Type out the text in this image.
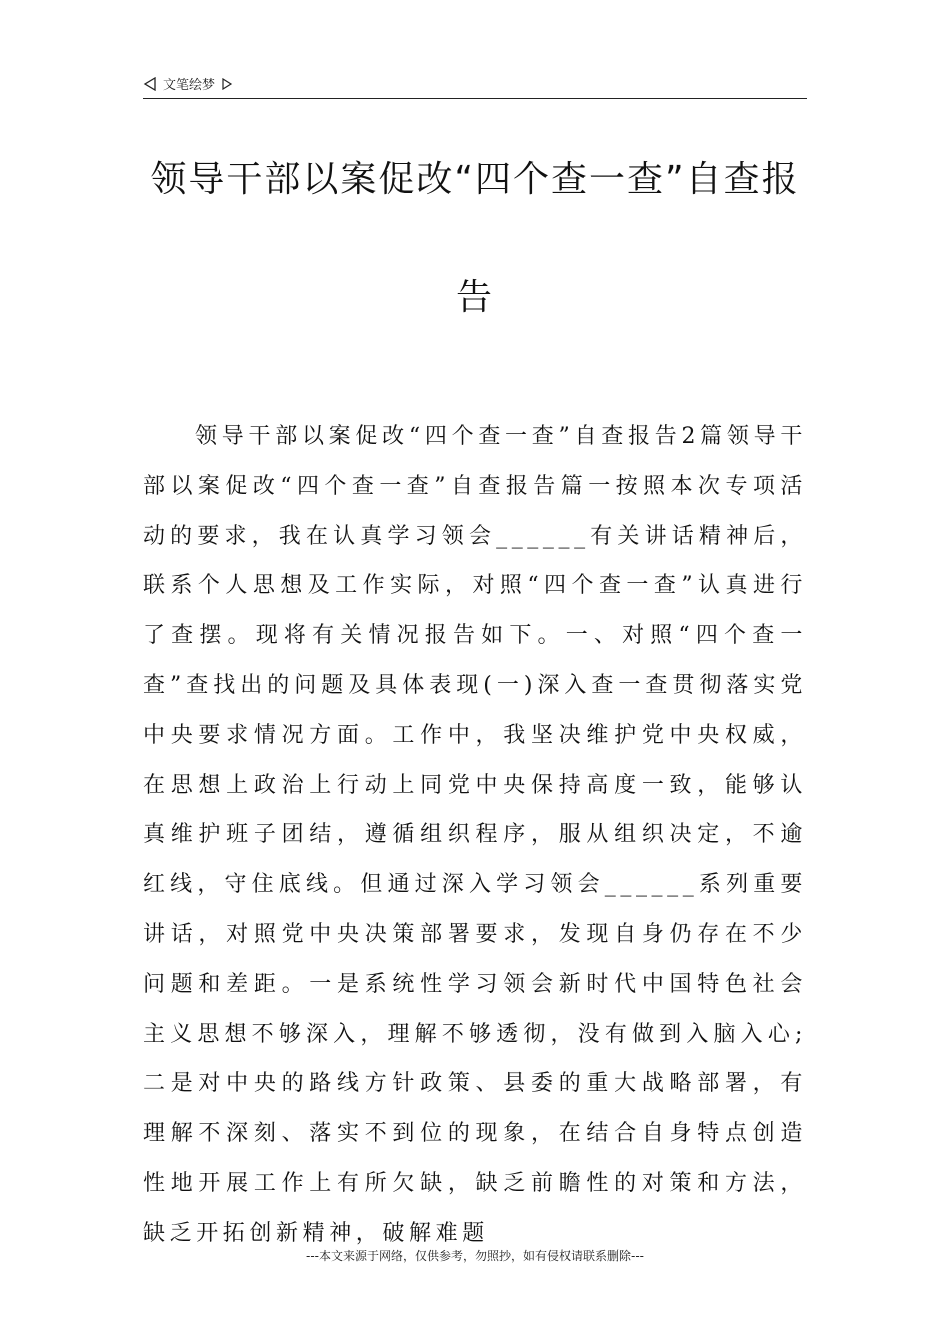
文笔绘梦
领导干部以案促改“四个查一查”自查报
告

领导干部以案促改“四个查一查”自查报告2篇领导干部以案促改“四个查一查”自查报告篇一按照本次专项活动的要求，我在认真学习领会______有关讲话精神后，联系个人思想及工作实际，对照“四个查一查”认真进行了查摆。现将有关情况报告如下。一、对照“四个查一查”查找出的问题及具体表现(一)深入查一查贯彻落实党中央要求情况方面。工作中，我坚决维护党中央权威，在思想上政治上行动上同党中央保持高度一致，能够认真维护班子团结，遵循组织程序，服从组织决定，不逾红线，守住底线。但通过深入学习领会______系列重要讲话，对照党中央决策部署要求，发现自身仍存在不少问题和差距。一是系统性学习领会新时代中国特色社会主义思想不够深入，理解不够透彻，没有做到入脑入心;二是对中央的路线方针政策、县委的重大战略部署，有理解不深刻、落实不到位的现象，在结合自身特点创造性地开展工作上有所欠缺，缺乏前瞻性的对策和方法，缺乏开拓创新精神，破解难题

---本文来源于网络，仅供参考，勿照抄，如有侵权请联系删除---
